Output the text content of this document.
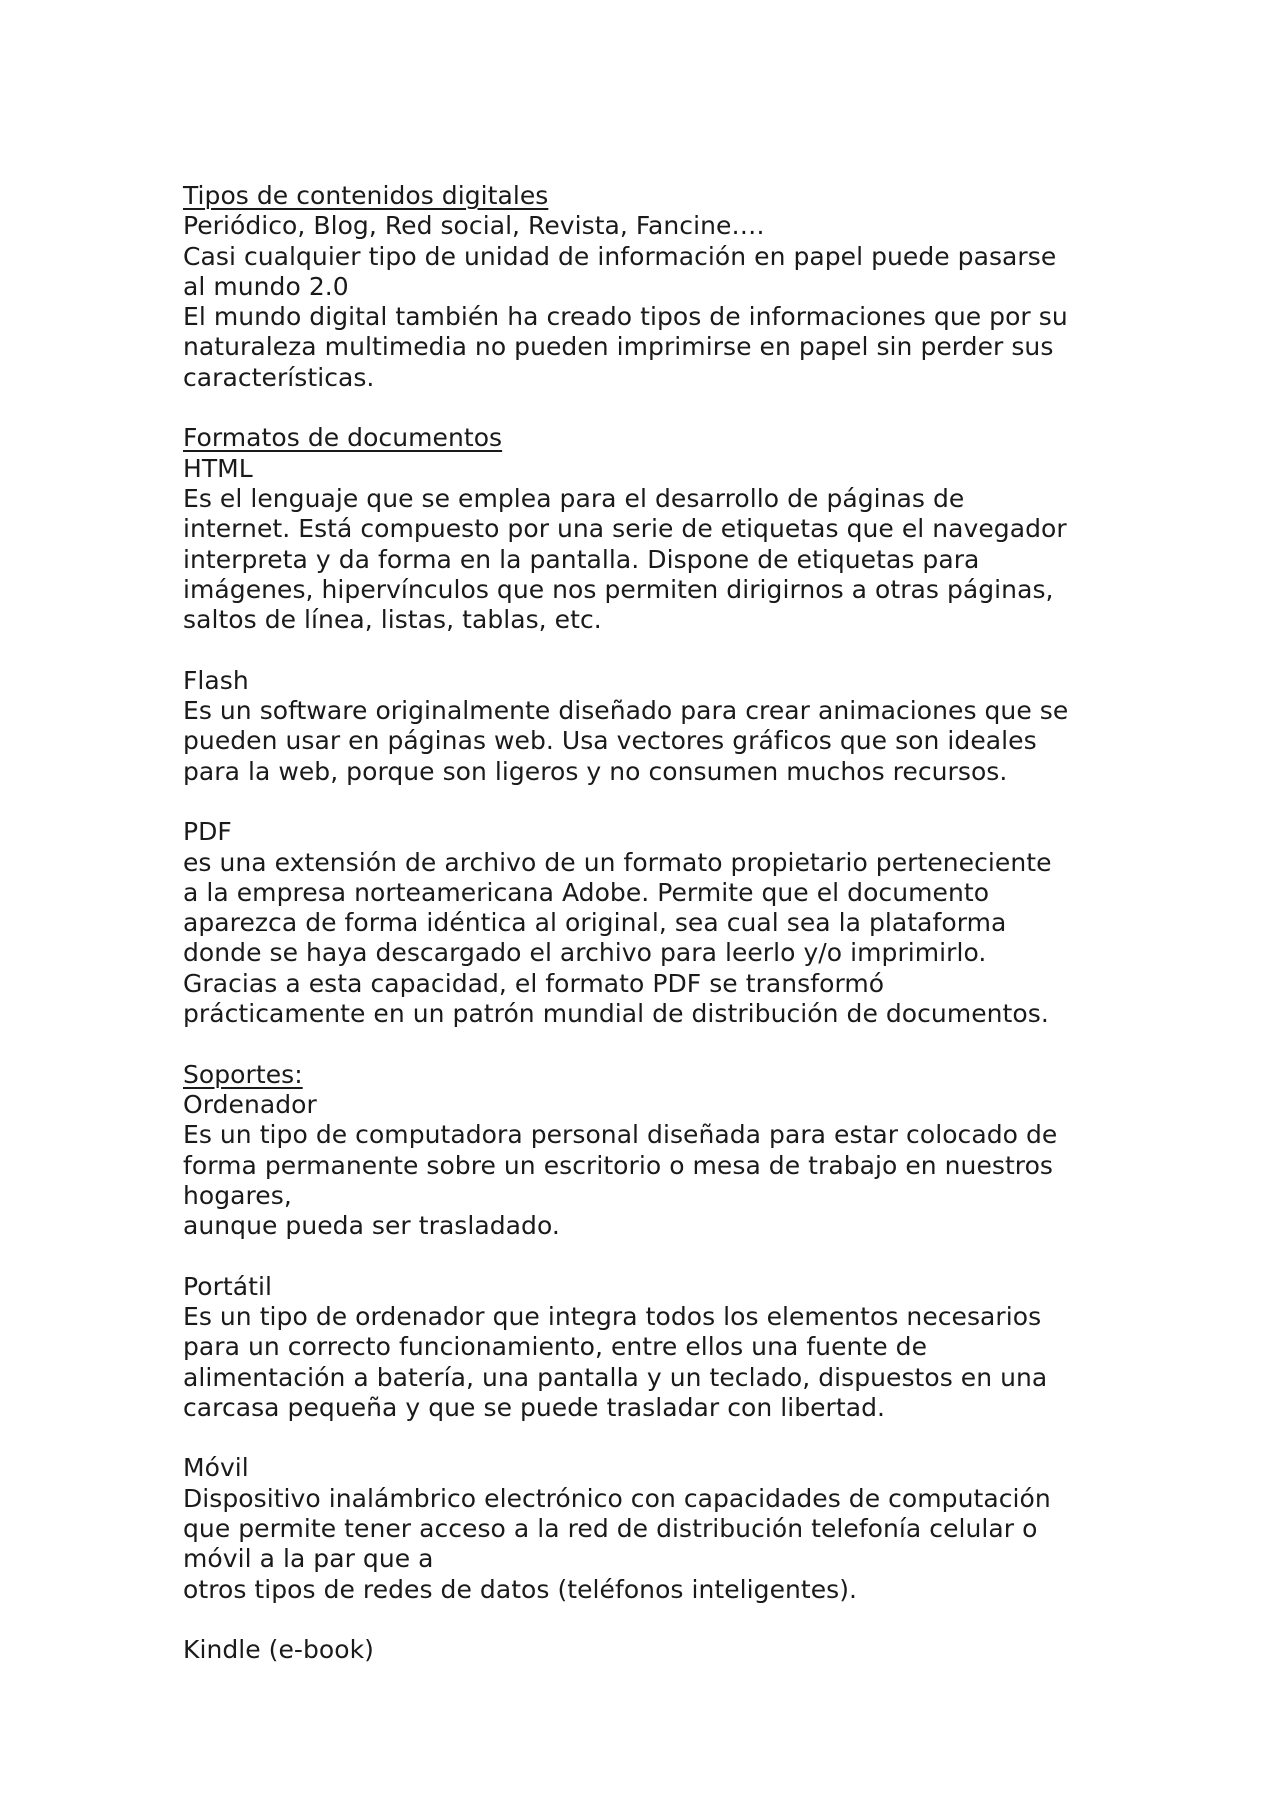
Tipos de contenidos digitales
Periódico, Blog, Red social, Revista, Fancine….
Casi cualquier tipo de unidad de información en papel puede pasarse
al mundo 2.0
El mundo digital también ha creado tipos de informaciones que por su
naturaleza multimedia no pueden imprimirse en papel sin perder sus
características.
Formatos de documentos
HTML
Es el lenguaje que se emplea para el desarrollo de páginas de
internet. Está compuesto por una serie de etiquetas que el navegador
interpreta y da forma en la pantalla. Dispone de etiquetas para
imágenes, hipervínculos que nos permiten dirigirnos a otras páginas,
saltos de línea, listas, tablas, etc.
Flash
Es un software originalmente diseñado para crear animaciones que se
pueden usar en páginas web. Usa vectores gráficos que son ideales
para la web, porque son ligeros y no consumen muchos recursos.
PDF
es una extensión de archivo de un formato propietario perteneciente
a la empresa norteamericana Adobe. Permite que el documento
aparezca de forma idéntica al original, sea cual sea la plataforma
donde se haya descargado el archivo para leerlo y/o imprimirlo.
Gracias a esta capacidad, el formato PDF se transformó
prácticamente en un patrón mundial de distribución de documentos.
Soportes:
Ordenador
Es un tipo de computadora personal diseñada para estar colocado de
forma permanente sobre un escritorio o mesa de trabajo en nuestros
hogares,
aunque pueda ser trasladado.
Portátil
Es un tipo de ordenador que integra todos los elementos necesarios
para un correcto funcionamiento, entre ellos una fuente de
alimentación a batería, una pantalla y un teclado, dispuestos en una
carcasa pequeña y que se puede trasladar con libertad.
Móvil
Dispositivo inalámbrico electrónico con capacidades de computación
que permite tener acceso a la red de distribución telefonía celular o
móvil a la par que a
otros tipos de redes de datos (teléfonos inteligentes).
Kindle (e-book)
